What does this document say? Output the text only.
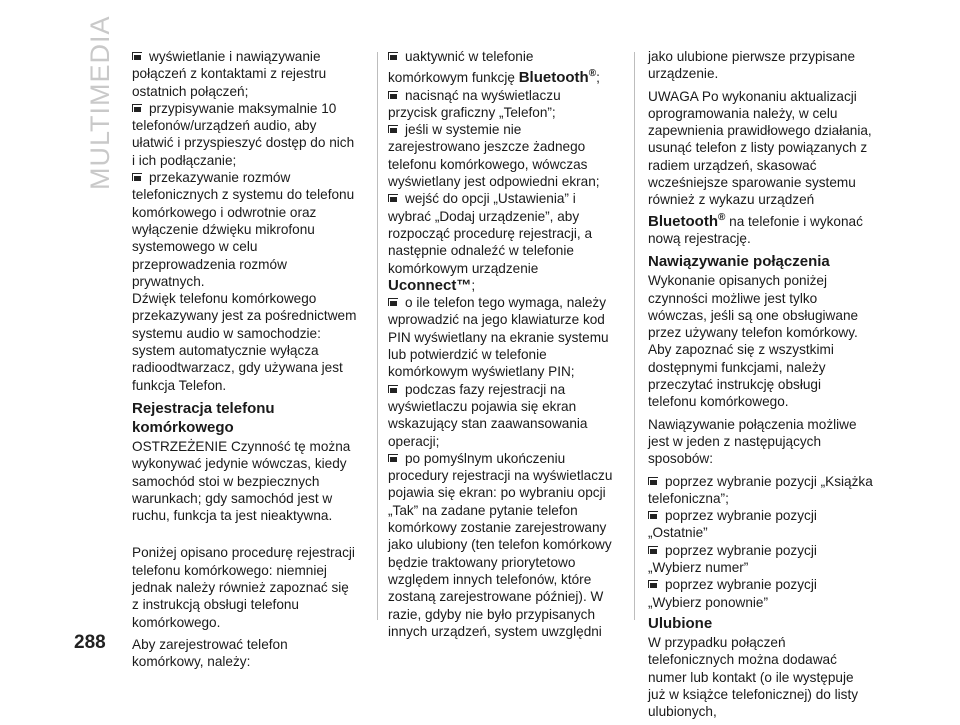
MULTIMEDIA
288

wyświetlanie i nawiązywanie połączeń z kontaktami z rejestru ostatnich połączeń;

przypisywanie maksymalnie 10 telefonów/urządzeń audio, aby ułatwić i przyspieszyć dostęp do nich i ich podłączanie;

przekazywanie rozmów telefonicznych z systemu do telefonu komórkowego i odwrotnie oraz wyłączenie dźwięku mikrofonu systemowego w celu przeprowadzenia rozmów prywatnych.

Dźwięk telefonu komórkowego przekazywany jest za pośrednictwem systemu audio w samochodzie: system automatycznie wyłącza radioodtwarzacz, gdy używana jest funkcja Telefon.

Rejestracja telefonu komórkowego

OSTRZEŻENIE Czynność tę można wykonywać jedynie wówczas, kiedy samochód stoi w bezpiecznych warunkach; gdy samochód jest w ruchu, funkcja ta jest nieaktywna.

Poniżej opisano procedurę rejestracji telefonu komórkowego: niemniej jednak należy również zapoznać się z instrukcją obsługi telefonu komórkowego.

Aby zarejestrować telefon komórkowy, należy:

uaktywnić w telefonie komórkowym funkcję Bluetooth®;

nacisnąć na wyświetlaczu przycisk graficzny „Telefon”;

jeśli w systemie nie zarejestrowano jeszcze żadnego telefonu komórkowego, wówczas wyświetlany jest odpowiedni ekran;

wejść do opcji „Ustawienia” i wybrać „Dodaj urządzenie”, aby rozpocząć procedurę rejestracji, a następnie odnaleźć w telefonie komórkowym urządzenie Uconnect™;

o ile telefon tego wymaga, należy wprowadzić na jego klawiaturze kod PIN wyświetlany na ekranie systemu lub potwierdzić w telefonie komórkowym wyświetlany PIN;

podczas fazy rejestracji na wyświetlaczu pojawia się ekran wskazujący stan zaawansowania operacji;

po pomyślnym ukończeniu procedury rejestracji na wyświetlaczu pojawia się ekran: po wybraniu opcji „Tak” na zadane pytanie telefon komórkowy zostanie zarejestrowany jako ulubiony (ten telefon komórkowy będzie traktowany priorytetowo względem innych telefonów, które zostaną zarejestrowane później). W razie, gdyby nie było przypisanych innych urządzeń, system uwzględni

jako ulubione pierwsze przypisane urządzenie.

UWAGA Po wykonaniu aktualizacji oprogramowania należy, w celu zapewnienia prawidłowego działania, usunąć telefon z listy powiązanych z radiem urządzeń, skasować wcześniejsze sparowanie systemu również z wykazu urządzeń Bluetooth® na telefonie i wykonać nową rejestrację.

Nawiązywanie połączenia

Wykonanie opisanych poniżej czynności możliwe jest tylko wówczas, jeśli są one obsługiwane przez używany telefon komórkowy. Aby zapoznać się z wszystkimi dostępnymi funkcjami, należy przeczytać instrukcję obsługi telefonu komórkowego.

Nawiązywanie połączenia możliwe jest w jeden z następujących sposobów:

poprzez wybranie pozycji „Książka telefoniczna”;

poprzez wybranie pozycji „Ostatnie”

poprzez wybranie pozycji „Wybierz numer”

poprzez wybranie pozycji „Wybierz ponownie”

Ulubione

W przypadku połączeń telefonicznych można dodawać numer lub kontakt (o ile występuje już w książce telefonicznej) do listy ulubionych,
